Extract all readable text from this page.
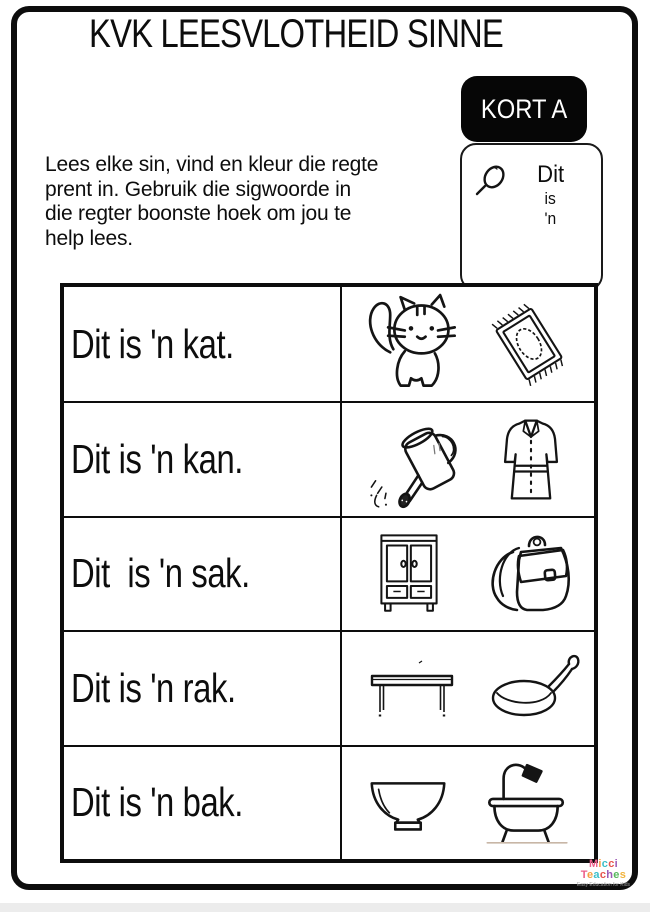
KVK LEESVLOTHEID SINNE
KORT A
Lees elke sin, vind en kleur die regte
prent in. Gebruik die sigwoorde in
die regter boonste hoek om jou te
help lees.
Dit
is
'n
Dit is 'n kat.
Dit is 'n kan.
Dit  is 'n sak.
Dit is 'n rak.
Dit is 'n bak.
Micci
Teaches
Easy Education for Kids
